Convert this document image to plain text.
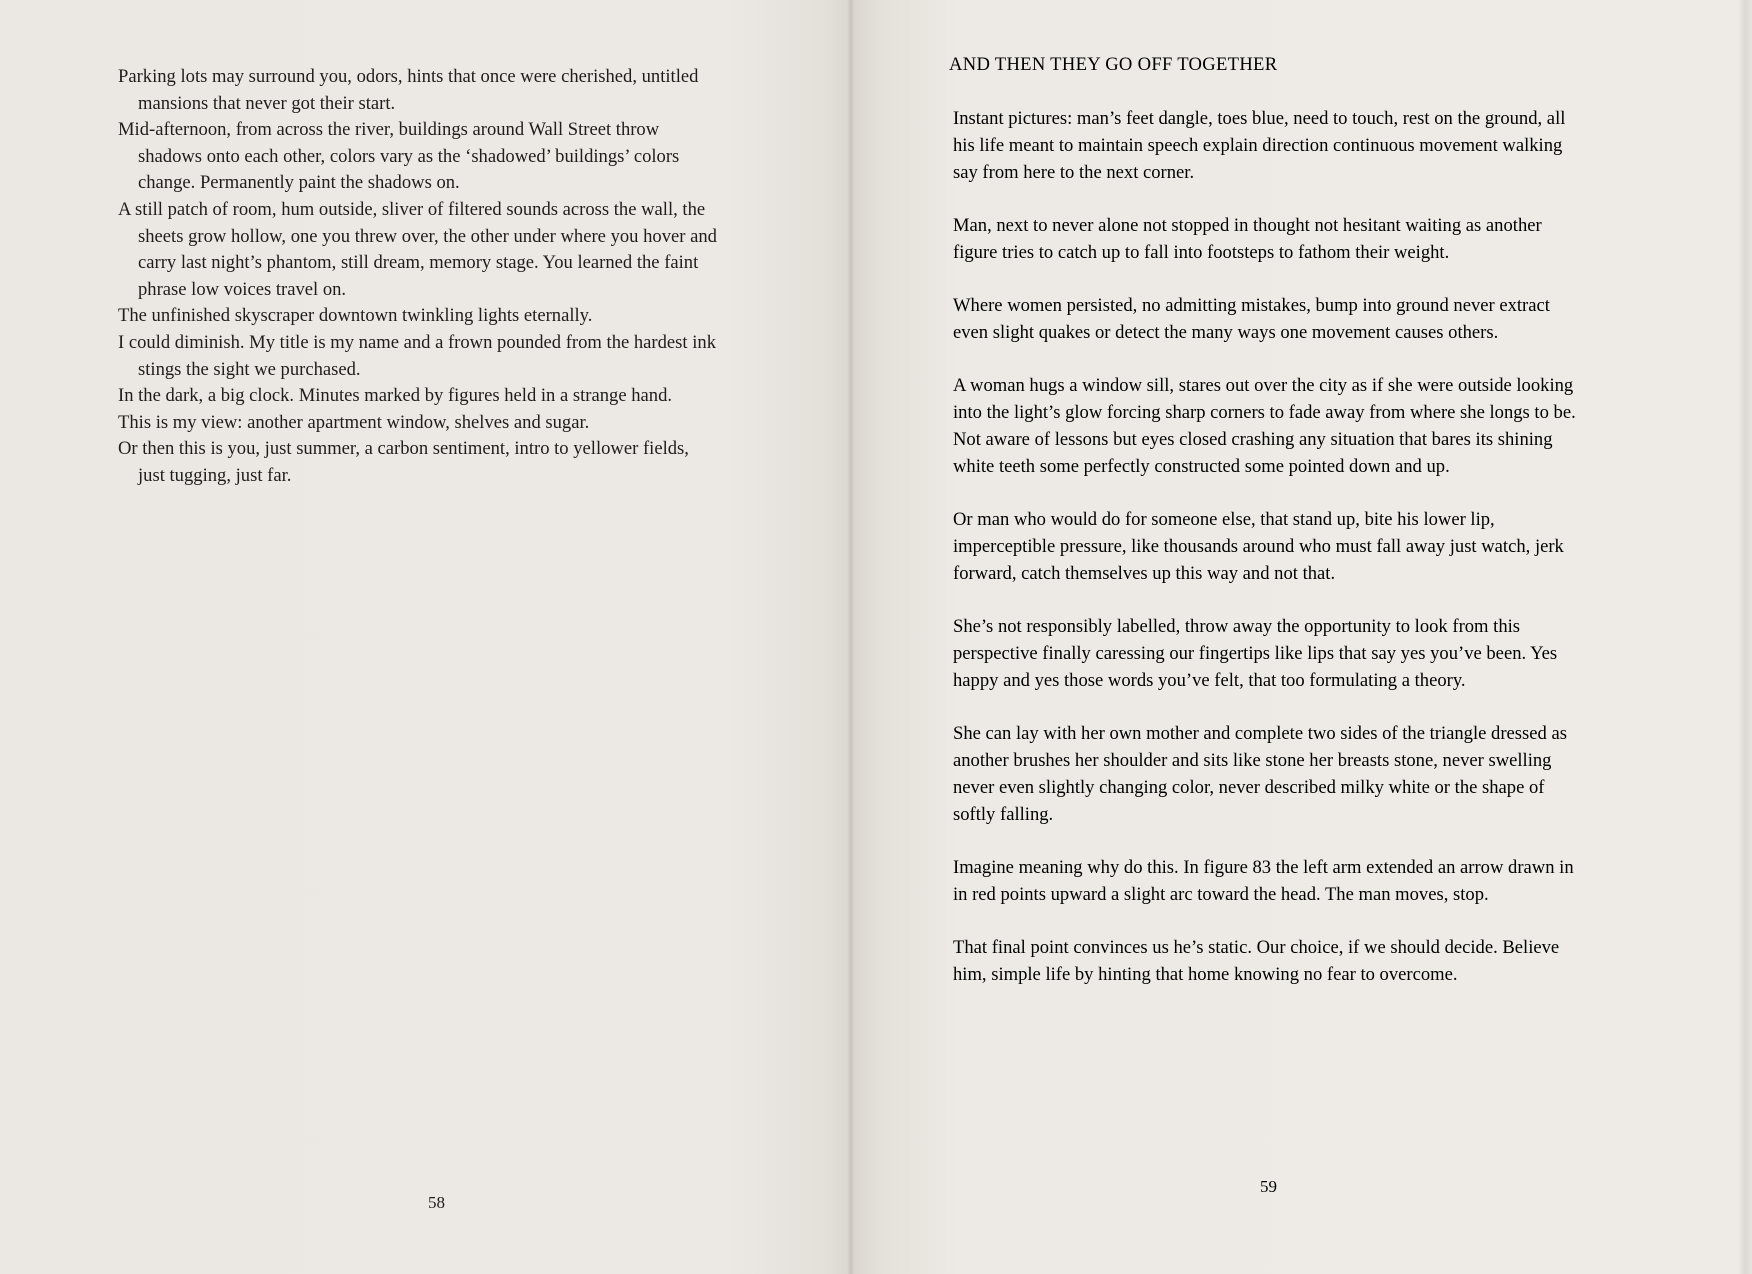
Parking lots may surround you, odors, hints that once were cherished, untitled mansions that never got their start.

Mid-afternoon, from across the river, buildings around Wall Street throw shadows onto each other, colors vary as the ‘shadowed’ buildings’ colors change. Permanently paint the shadows on.

A still patch of room, hum outside, sliver of filtered sounds across the wall, the sheets grow hollow, one you threw over, the other under where you hover and carry last night’s phantom, still dream, memory stage. You learned the faint phrase low voices travel on.

The unfinished skyscraper downtown twinkling lights eternally.

I could diminish. My title is my name and a frown pounded from the hardest ink stings the sight we purchased.

In the dark, a big clock. Minutes marked by figures held in a strange hand.

This is my view: another apartment window, shelves and sugar.

Or then this is you, just summer, a carbon sentiment, intro to yellower fields, just tugging, just far.

58
AND THEN THEY GO OFF TOGETHER

Instant pictures: man’s feet dangle, toes blue, need to touch, rest on the ground, all his life meant to maintain speech explain direction continuous movement walking say from here to the next corner.

Man, next to never alone not stopped in thought not hesitant waiting as another figure tries to catch up to fall into footsteps to fathom their weight.

Where women persisted, no admitting mistakes, bump into ground never extract even slight quakes or detect the many ways one movement causes others.

A woman hugs a window sill, stares out over the city as if she were outside looking into the light’s glow forcing sharp corners to fade away from where she longs to be. Not aware of lessons but eyes closed crashing any situation that bares its shining white teeth some perfectly constructed some pointed down and up.

Or man who would do for someone else, that stand up, bite his lower lip, imperceptible pressure, like thousands around who must fall away just watch, jerk forward, catch themselves up this way and not that.

She’s not responsibly labelled, throw away the opportunity to look from this perspective finally caressing our fingertips like lips that say yes you’ve been. Yes happy and yes those words you’ve felt, that too formulating a theory.

She can lay with her own mother and complete two sides of the triangle dressed as another brushes her shoulder and sits like stone her breasts stone, never swelling never even slightly changing color, never described milky white or the shape of softly falling.

Imagine meaning why do this. In figure 83 the left arm extended an arrow drawn in in red points upward a slight arc toward the head. The man moves, stop.

That final point convinces us he’s static. Our choice, if we should decide. Believe him, simple life by hinting that home knowing no fear to overcome.

59
